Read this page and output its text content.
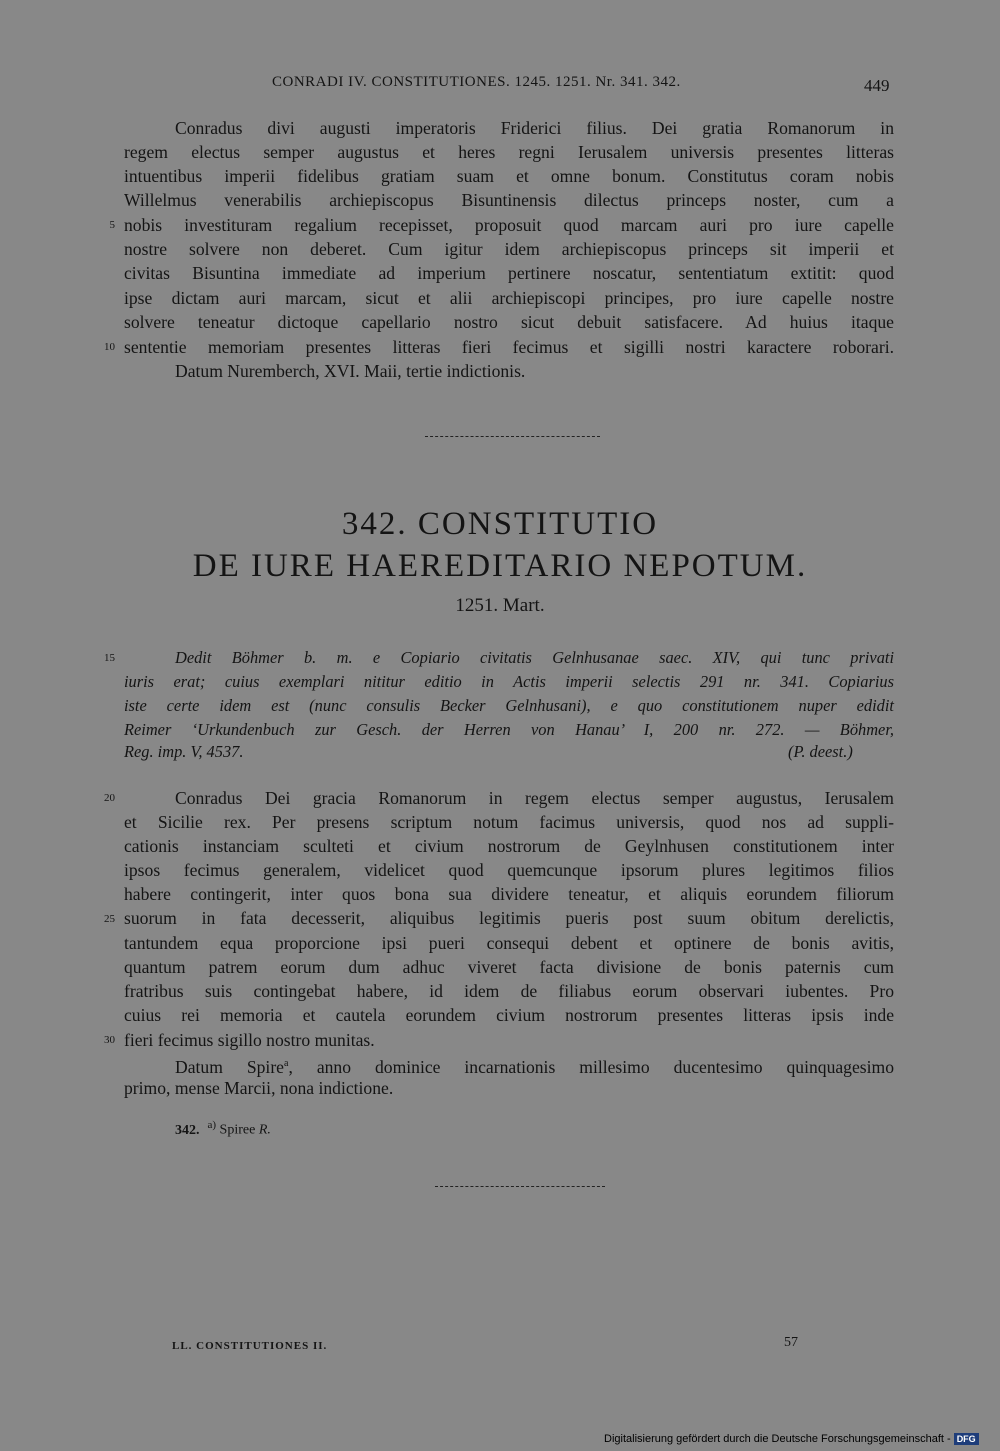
CONRADI IV. CONSTITUTIONES. 1245. 1251. Nr. 341. 342.	449
Conradus divi augusti imperatoris Friderici filius. Dei gratia Romanorum in
regem electus semper augustus et heres regni Ierusalem universis presentes litteras
intuentibus imperii fidelibus gratiam suam et omne bonum. Constitutus coram nobis
Willelmus venerabilis archiepiscopus Bisuntinensis dilectus princeps noster, cum a
nobis investituram regalium recepisset, proposuit quod marcam auri pro iure capelle
nostre solvere non deberet. Cum igitur idem archiepiscopus princeps sit imperii et
civitas Bisuntina immediate ad imperium pertinere noscatur, sententiatum extitit: quod
ipse dictam auri marcam, sicut et alii archiepiscopi principes, pro iure capelle nostre
solvere teneatur dictoque capellario nostro sicut debuit satisfacere. Ad huius itaque
sententie memoriam presentes litteras fieri fecimus et sigilli nostri karactere roborari.
Datum Nuremberch, XVI. Maii, tertie indictionis.
5
10
342. CONSTITUTIO
DE IURE HAEREDITARIO NEPOTUM.
1251. Mart.
Dedit Böhmer b. m. e Copiario civitatis Gelnhusanae saec. XIV, qui tunc privati
iuris erat; cuius exemplari nititur editio in Actis imperii selectis 291 nr. 341. Copiarius
iste certe idem est (nunc consulis Becker Gelnhusani), e quo constitutionem nuper edidit
Reimer ‘Urkundenbuch zur Gesch. der Herren von Hanau’ I, 200 nr. 272. — Böhmer,
Reg. imp. V, 4537.	(P. deest.)
15
Conradus Dei gracia Romanorum in regem electus semper augustus, Ierusalem
et Sicilie rex. Per presens scriptum notum facimus universis, quod nos ad suppli-
cationis instanciam sculteti et civium nostrorum de Geylnhusen constitutionem inter
ipsos fecimus generalem, videlicet quod quemcunque ipsorum plures legitimos filios
habere contingerit, inter quos bona sua dividere teneatur, et aliquis eorundem filiorum
suorum in fata decesserit, aliquibus legitimis pueris post suum obitum derelictis,
tantundem equa proporcione ipsi pueri consequi debent et optinere de bonis avitis,
quantum patrem eorum dum adhuc viveret facta divisione de bonis paternis cum
fratribus suis contingebat habere, id idem de filiabus eorum observari iubentes. Pro
cuius rei memoria et cautela eorundem civium nostrorum presentes litteras ipsis inde
fieri fecimus sigillo nostro munitas.
Datum Spire$^a$, anno dominice incarnationis millesimo ducentesimo quinquagesimo
primo, mense Marcii, nona indictione.
20
25
30
342. $^{a)}$ Spiree R.
LL. CONSTITUTIONES II.	57
Digitalisierung gefördert durch die Deutsche Forschungsgemeinschaft - DFG
